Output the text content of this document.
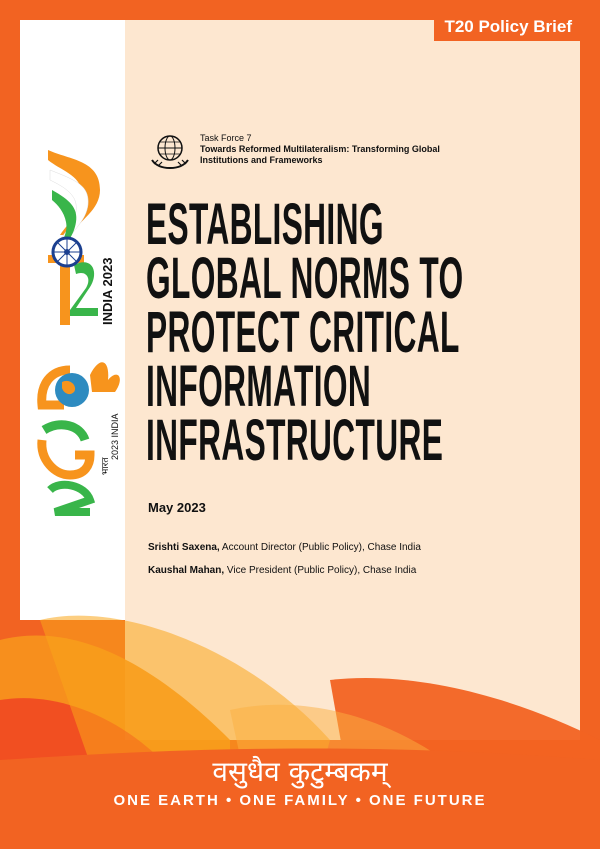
T20 Policy Brief
INDIA 2023
2023 INDIA
भारत
Task Force 7
Towards Reformed Multilateralism: Transforming Global
Institutions and Frameworks
ESTABLISHING
GLOBAL NORMS TO
PROTECT CRITICAL
INFORMATION
INFRASTRUCTURE
May 2023
Srishti Saxena, Account Director (Public Policy), Chase India
Kaushal Mahan, Vice President (Public Policy), Chase India
वसुधैव कुटुम्बकम्
ONE EARTH • ONE FAMILY • ONE FUTURE
